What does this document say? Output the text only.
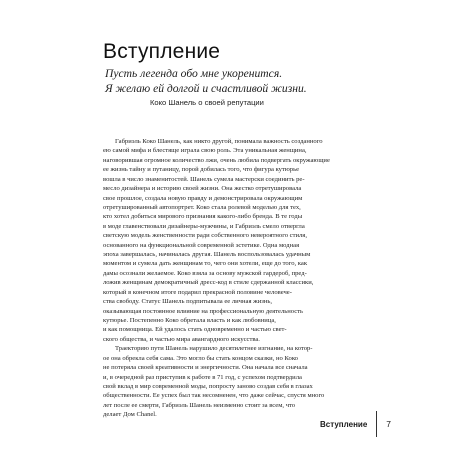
Вступление
Пусть легенда обо мне укоренится.
Я желаю ей долгой и счастливой жизни.
Коко Шанель о своей репутации
Габриэль Коко Шанель, как никто другой, понимала важность созданного
ею самой мифа и блестяще играла свою роль. Эта уникальная женщина,
наговорившая огромное количество лжи, очень любила подвергать окружающие
ее жизнь тайну и путаницу, порой добилась того, что фигура кутюрье
вошла в число знаменитостей. Шанель сумела мастерски соединить ре-
месло дизайнера и историю своей жизни. Она жестко отретушировала
свое прошлое, создала новую правду и демонстрировала окружающим
отретушированный автопортрет. Коко стала ролевой моделью для тех,
кто хотел добиться мирового признания какого-либо бренда. В те годы
в моде главенствовали дизайнеры-мужчины, и Габриэль смело отвергла
светскую модель женственности ради собственного невероятного стиля,
основанного на функциональной современной эстетике. Одна модная
эпоха завершалась, начиналась другая. Шанель воспользовалась удачным
моментом и сумела дать женщинам то, чего они хотели, еще до того, как
дамы осознали желаемое. Коко взяла за основу мужской гардероб, пред-
ложив женщинам демократичный дресс-код в стиле сдержанной классики,
который в конечном итоге подарил прекрасной половине человече-
ства свободу. Статус Шанель подпитывала ее личная жизнь,
оказывающая постоянное влияние на профессиональную деятельность
кутюрье. Постепенно Коко обретала власть и как любовница,
и как помощница. Ей удалось стать одновременно и частью свет-
ского общества, и частью мира авангардного искусства.
Траекторию пути Шанель нарушило десятилетнее изгнание, на котор-
ое она обрекла себя сама. Это могло бы стать концом сказки, но Коко
не потеряла своей креативности и энергичности. Она начала все сначала
и, в очередной раз приступив к работе в 71 год, с успехом подтвердила
свой вклад в мир современной моды, попросту заново создав себя в глазах
общественности. Ее успех был так несомненен, что даже сейчас, спустя много
лет после ее смерти, Габриэль Шанель неизменно стоит за всем, что
делает Дом Chanel.
Вступление	7
